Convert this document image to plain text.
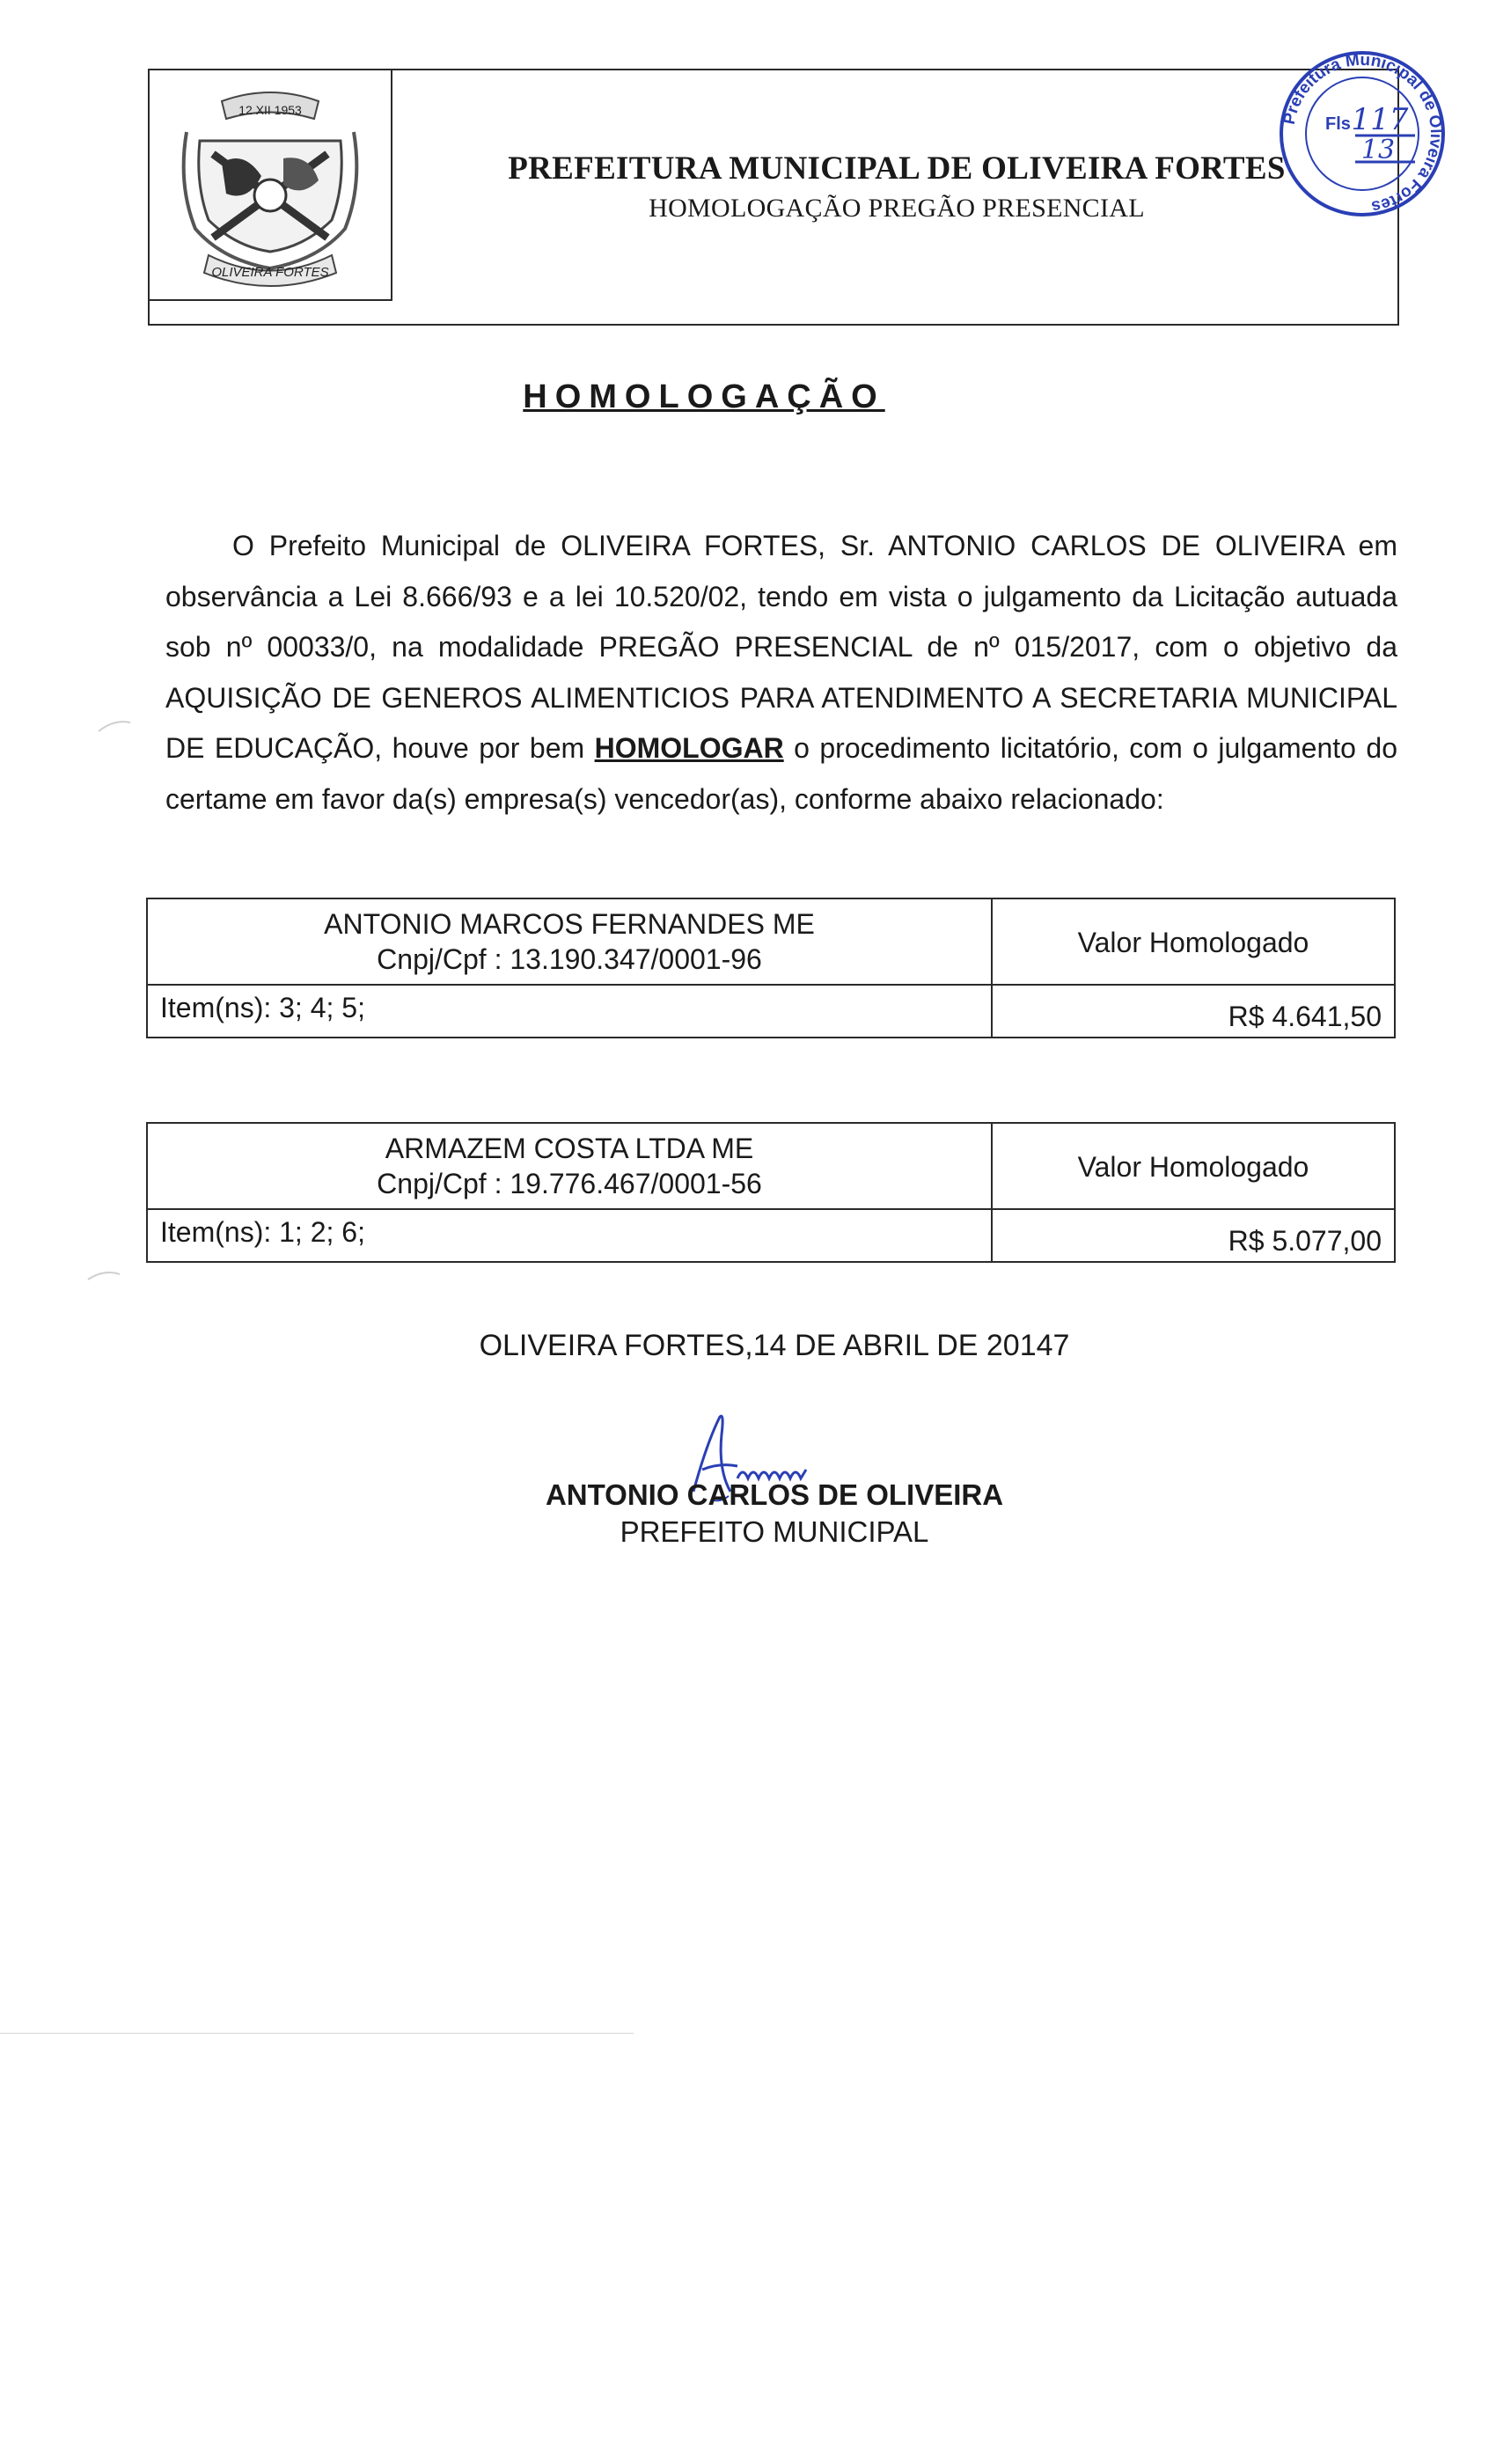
12 XII 1953
OLIVEIRA FORTES
PREFEITURA MUNICIPAL DE OLIVEIRA FORTES
HOMOLOGAÇÃO PREGÃO PRESENCIAL
Prefeitura Municipal de Oliveira Fortes
Fls 117
13
HOMOLOGAÇÃO
O Prefeito Municipal de OLIVEIRA FORTES, Sr. ANTONIO CARLOS DE OLIVEIRA em observância a Lei 8.666/93 e a lei 10.520/02, tendo em vista o julgamento da Licitação autuada sob nº 00033/0, na modalidade PREGÃO PRESENCIAL de nº 015/2017, com o objetivo da AQUISIÇÃO DE GENEROS ALIMENTICIOS PARA ATENDIMENTO A SECRETARIA MUNICIPAL DE EDUCAÇÃO, houve por bem HOMOLOGAR o procedimento licitatório, com o julgamento do certame em favor da(s) empresa(s) vencedor(as), conforme abaixo relacionado:
ANTONIO MARCOS FERNANDES ME
Cnpj/Cpf : 13.190.347/0001-96
Valor Homologado
Item(ns): 3; 4; 5;	R$ 4.641,50
ARMAZEM COSTA LTDA ME
Cnpj/Cpf : 19.776.467/0001-56
Valor Homologado
Item(ns): 1; 2; 6;	R$ 5.077,00
OLIVEIRA FORTES,14 DE ABRIL DE 20147
ANTONIO CARLOS DE OLIVEIRA
PREFEITO MUNICIPAL
